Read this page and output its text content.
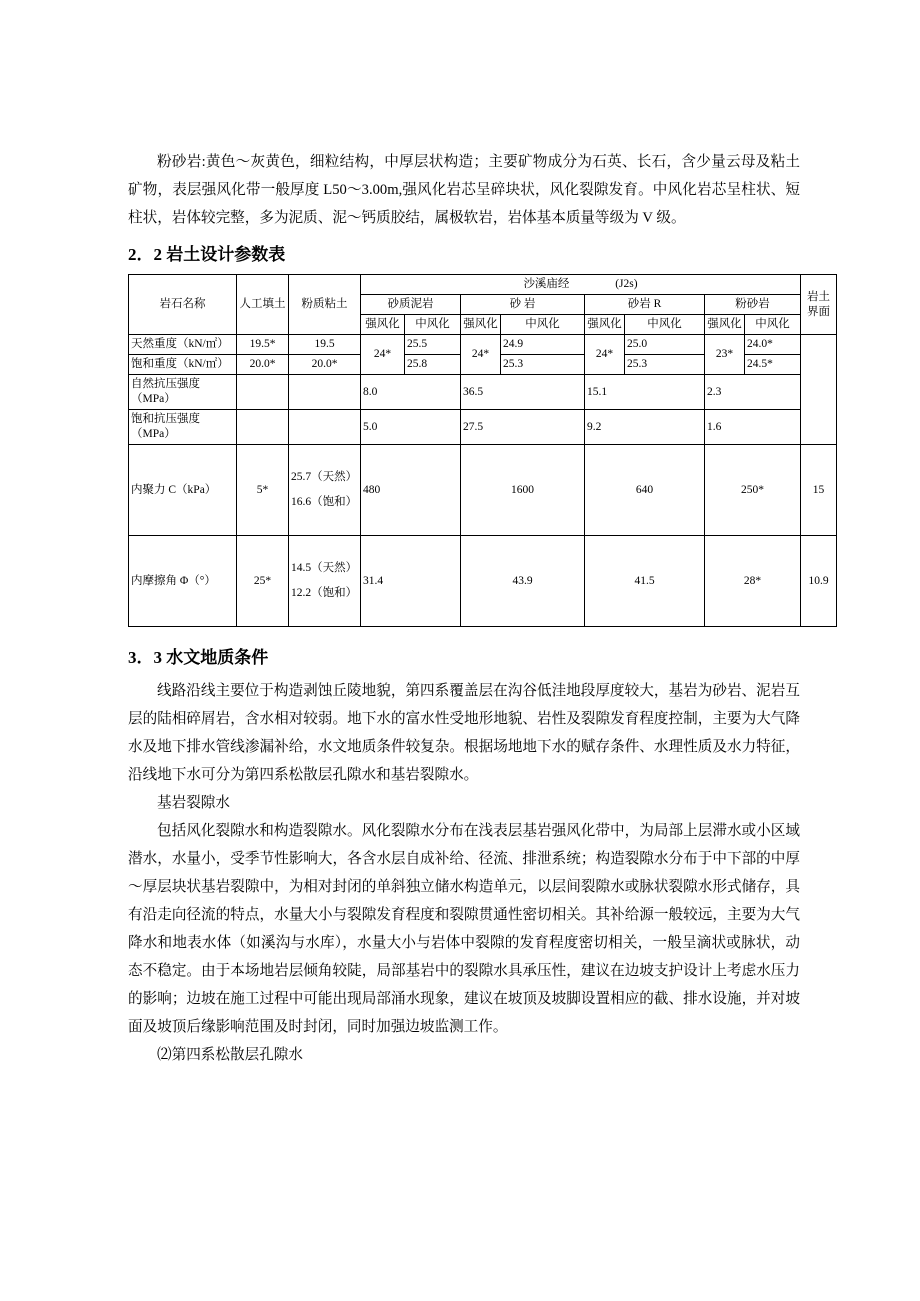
粉砂岩:黄色～灰黄色，细粒结构，中厚层状构造；主要矿物成分为石英、长石，含少量云母及粘土矿物，表层强风化带一般厚度 L50～3.00m,强风化岩芯呈碎块状，风化裂隙发育。中风化岩芯呈柱状、短柱状，岩体较完整，多为泥质、泥～钙质胶结，属极软岩，岩体基本质量等级为 V 级。

2．2 岩土设计参数表
岩石名称	人工填土	粉质粘土	沙溪庙经 (J2s)								岩土界面

			砂质泥岩		砂 岩		砂岩 R		粉砂岩		
			强风化	中风化	强风化	中风化	强风化	中风化	强风化	中风化	
天然重度（kN/㎡）	19.5*	19.5	24*	25.5	24*	24.9	24*	25.0	23*	24.0*	
饱和重度（kN/㎡）	20.0*	20.0*		25.8		25.3		25.3		24.5*	
自然抗压强度（MPa）			8.0		36.5		15.1		2.3		
饱和抗压强度（MPa）			5.0		27.5		9.2		1.6		
内聚力 C（kPa）	5*	25.7（天然）
16.6（饱和）	480		1600		640		250*		15
内摩擦角 Φ（°）	25*	14.5（天然）
12.2（饱和）	31.4		43.9		41.5		28*		10.9
3．3 水文地质条件

线路沿线主要位于构造剥蚀丘陵地貌，第四系覆盖层在沟谷低洼地段厚度较大，基岩为砂岩、泥岩互层的陆相碎屑岩，含水相对较弱。地下水的富水性受地形地貌、岩性及裂隙发育程度控制，主要为大气降水及地下排水管线渗漏补给，水文地质条件较复杂。根据场地地下水的赋存条件、水理性质及水力特征，沿线地下水可分为第四系松散层孔隙水和基岩裂隙水。

基岩裂隙水

包括风化裂隙水和构造裂隙水。风化裂隙水分布在浅表层基岩强风化带中，为局部上层滞水或小区域潜水，水量小，受季节性影响大，各含水层自成补给、径流、排泄系统；构造裂隙水分布于中下部的中厚～厚层块状基岩裂隙中，为相对封闭的单斜独立储水构造单元，以层间裂隙水或脉状裂隙水形式储存，具有沿走向径流的特点，水量大小与裂隙发育程度和裂隙贯通性密切相关。其补给源一般较远，主要为大气降水和地表水体（如溪沟与水库），水量大小与岩体中裂隙的发育程度密切相关，一般呈滴状或脉状，动态不稳定。由于本场地岩层倾角较陡，局部基岩中的裂隙水具承压性，建议在边坡支护设计上考虑水压力的影响；边坡在施工过程中可能出现局部涌水现象，建议在坡顶及坡脚设置相应的截、排水设施，并对坡面及坡顶后缘影响范围及时封闭，同时加强边坡监测工作。

⑵第四系松散层孔隙水
